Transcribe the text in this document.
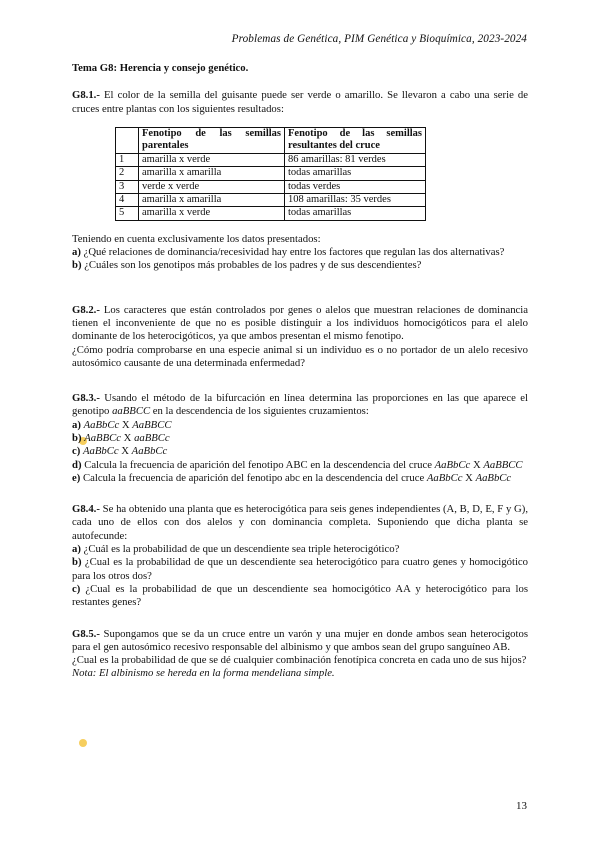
Problemas de Genética, PIM Genética y Bioquímica, 2023-2024

Tema G8: Herencia y consejo genético.

G8.1.- El color de la semilla del guisante puede ser verde o amarillo. Se llevaron a cabo una serie de cruces entre plantas con los siguientes resultados:

	Fenotipo de las semillas parentales	Fenotipo de las semillas resultantes del cruce
1	amarilla x verde	86 amarillas: 81 verdes
2	amarilla x amarilla	todas amarillas
3	verde x verde	todas verdes
4	amarilla x amarilla	108 amarillas: 35 verdes
5	amarilla x verde	todas amarillas

Teniendo en cuenta exclusivamente los datos presentados:

a) ¿Qué relaciones de dominancia/recesividad hay entre los factores que regulan las dos alternativas?

b) ¿Cuáles son los genotipos más probables de los padres y de sus descendientes?

G8.2.- Los caracteres que están controlados por genes o alelos que muestran relaciones de dominancia tienen el inconveniente de que no es posible distinguir a los individuos homocigóticos para el alelo dominante de los heterocigóticos, ya que ambos presentan el mismo fenotipo.

¿Cómo podría comprobarse en una especie animal si un individuo es o no portador de un alelo recesivo autosómico causante de una determinada enfermedad?

G8.3.- Usando el método de la bifurcación en línea determina las proporciones en las que aparece el genotipo aaBBCC en la descendencia de los siguientes cruzamientos:

a) AaBbCc X AaBBCC

b) AaBBCc X aaBBCc

c) AaBbCc X AaBbCc

d) Calcula la frecuencia de aparición del fenotipo ABC en la descendencia del cruce AaBbCc X AaBBCC

e) Calcula la frecuencia de aparición del fenotipo abc en la descendencia del cruce AaBbCc X AaBbCc

G8.4.- Se ha obtenido una planta que es heterocigótica para seis genes independientes (A, B, D, E, F y G), cada uno de ellos con dos alelos y con dominancia completa. Suponiendo que dicha planta se autofecunde:

a) ¿Cuál es la probabilidad de que un descendiente sea triple heterocigótico?

b) ¿Cual es la probabilidad de que un descendiente sea heterocigótico para cuatro genes y homocigótico para los otros dos?

c) ¿Cual es la probabilidad de que un descendiente sea homocigótico AA y heterocigótico para los restantes genes?

G8.5.- Supongamos que se da un cruce entre un varón y una mujer en donde ambos sean heterocigotos para el gen autosómico recesivo responsable del albinismo y que ambos sean del grupo sanguíneo AB.

¿Cual es la probabilidad de que se dé cualquier combinación fenotípica concreta en cada uno de sus hijos?

Nota: El albinismo se hereda en la forma mendeliana simple.

13
